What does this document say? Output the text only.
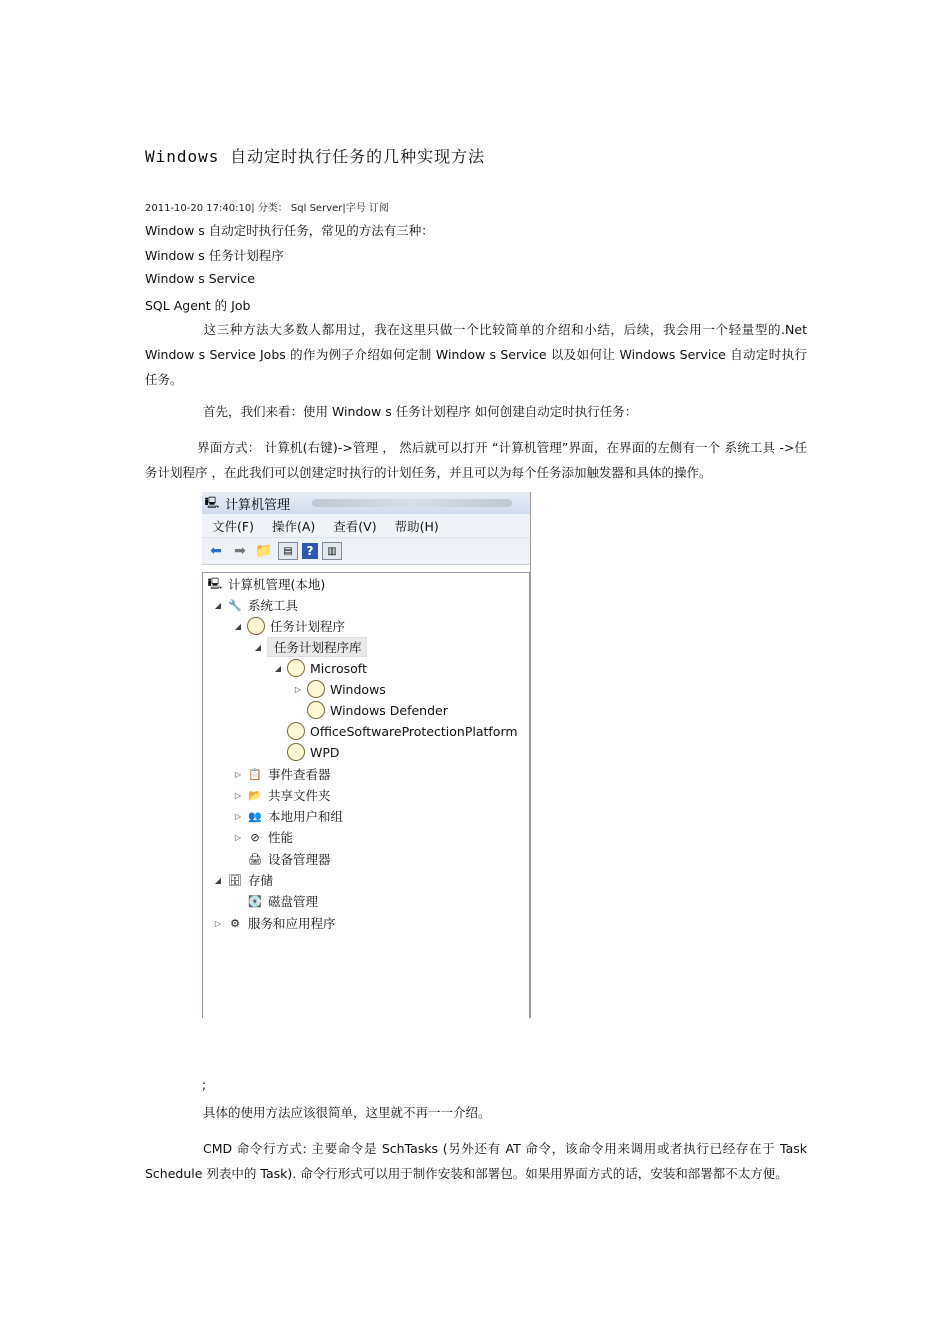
Windows 自动定时执行任务的几种实现方法
2011-10-20 17:40:10| 分类： Sql Server|字号 订阅
Window s 自动定时执行任务，常见的方法有三种：
Window s 任务计划程序
Window s Service
SQL Agent 的 Job
这三种方法大多数人都用过，我在这里只做一个比较简单的介绍和小结，后续，我会用一个轻量型的.Net Window s Service Jobs 的作为例子介绍如何定制 Window s Service 以及如何让 Windows Service 自动定时执行任务。
首先，我们来看：使用 Window s 任务计划程序 如何创建自动定时执行任务：
界面方式： 计算机(右键)->管理 ， 然后就可以打开 “计算机管理”界面，在界面的左侧有一个 系统工具 ->任务计划程序 ，在此我们可以创建定时执行的计划任务，并且可以为每个任务添加触发器和具体的操作。
🖳 计算机管理
文件(F)	操作(A)	查看(V)	帮助(H)
⬅ ➡ 📁	▤	?	▥
🖳 计算机管理(本地)
◢ 🔧 系统工具
◢ 任务计划程序
◢	任务计划程序库
◢ Microsoft
▷ Windows
Windows Defender
OfficeSoftwareProtectionPlatform
WPD
▷ 📋 事件查看器
▷ 📂 共享文件夹
▷ 👥 本地用户和组
▷ ⊘ 性能
🖨 设备管理器
◢ 🗄 存储
💽 磁盘管理
▷ ⚙ 服务和应用程序
;
具体的使用方法应该很简单，这里就不再一一介绍。
CMD 命令行方式: 主要命令是 SchTasks (另外还有 AT 命令，该命令用来调用或者执行已经存在于 Task Schedule 列表中的 Task). 命令行形式可以用于制作安装和部署包。如果用界面方式的话，安装和部署都不太方便。
